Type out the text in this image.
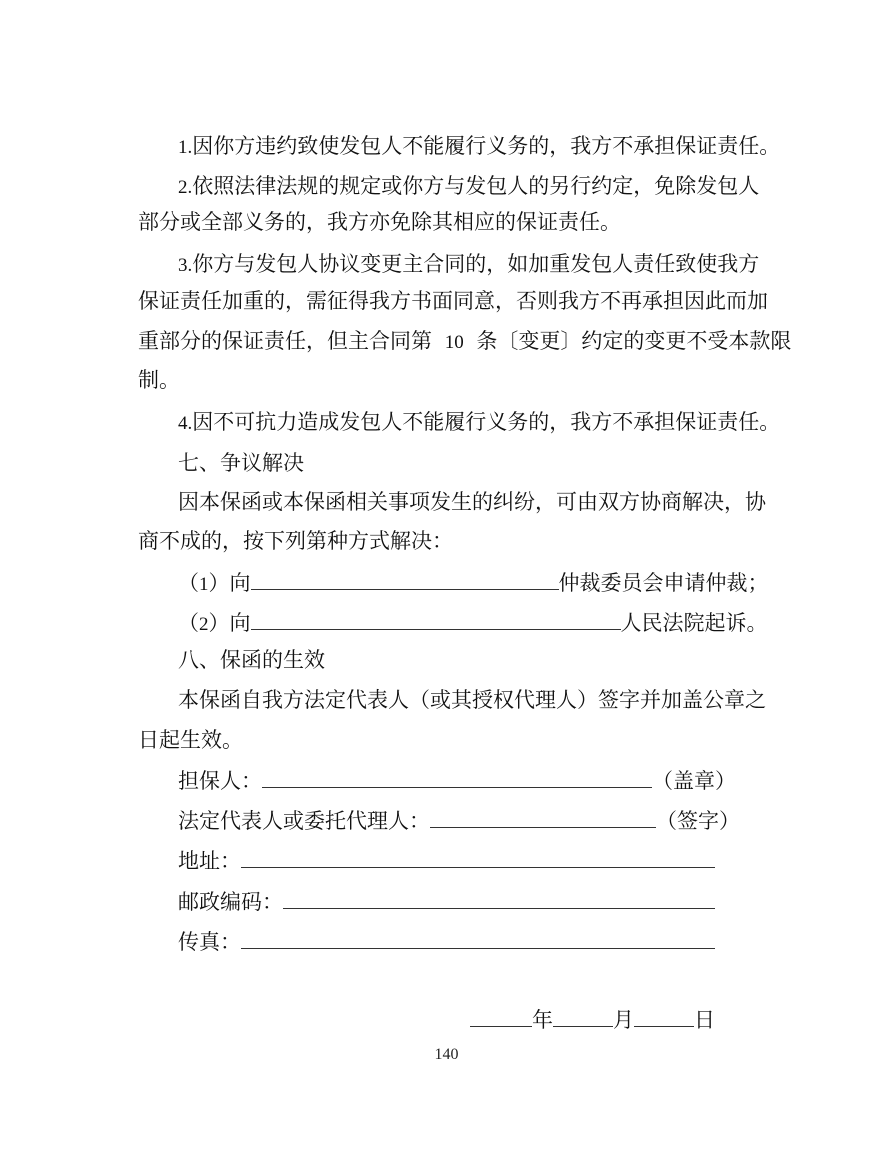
1.因你方违约致使发包人不能履行义务的，我方不承担保证责任。

2.依照法律法规的规定或你方与发包人的另行约定，免除发包人

部分或全部义务的，我方亦免除其相应的保证责任。

3.你方与发包人协议变更主合同的，如加重发包人责任致使我方

保证责任加重的，需征得我方书面同意，否则我方不再承担因此而加

重部分的保证责任，但主合同第 10 条〔变更〕约定的变更不受本款限

制。

4.因不可抗力造成发包人不能履行义务的，我方不承担保证责任。

七、争议解决

因本保函或本保函相关事项发生的纠纷，可由双方协商解决，协

商不成的，按下列第种方式解决：

（1）向	仲裁委员会申请仲裁；

（2）向	人民法院起诉。

八、保函的生效

本保函自我方法定代表人（或其授权代理人）签字并加盖公章之

日起生效。

担保人：	（盖章）

法定代表人或委托代理人：	（签字）

地址：

邮政编码：

传真：

年	月	日

140
